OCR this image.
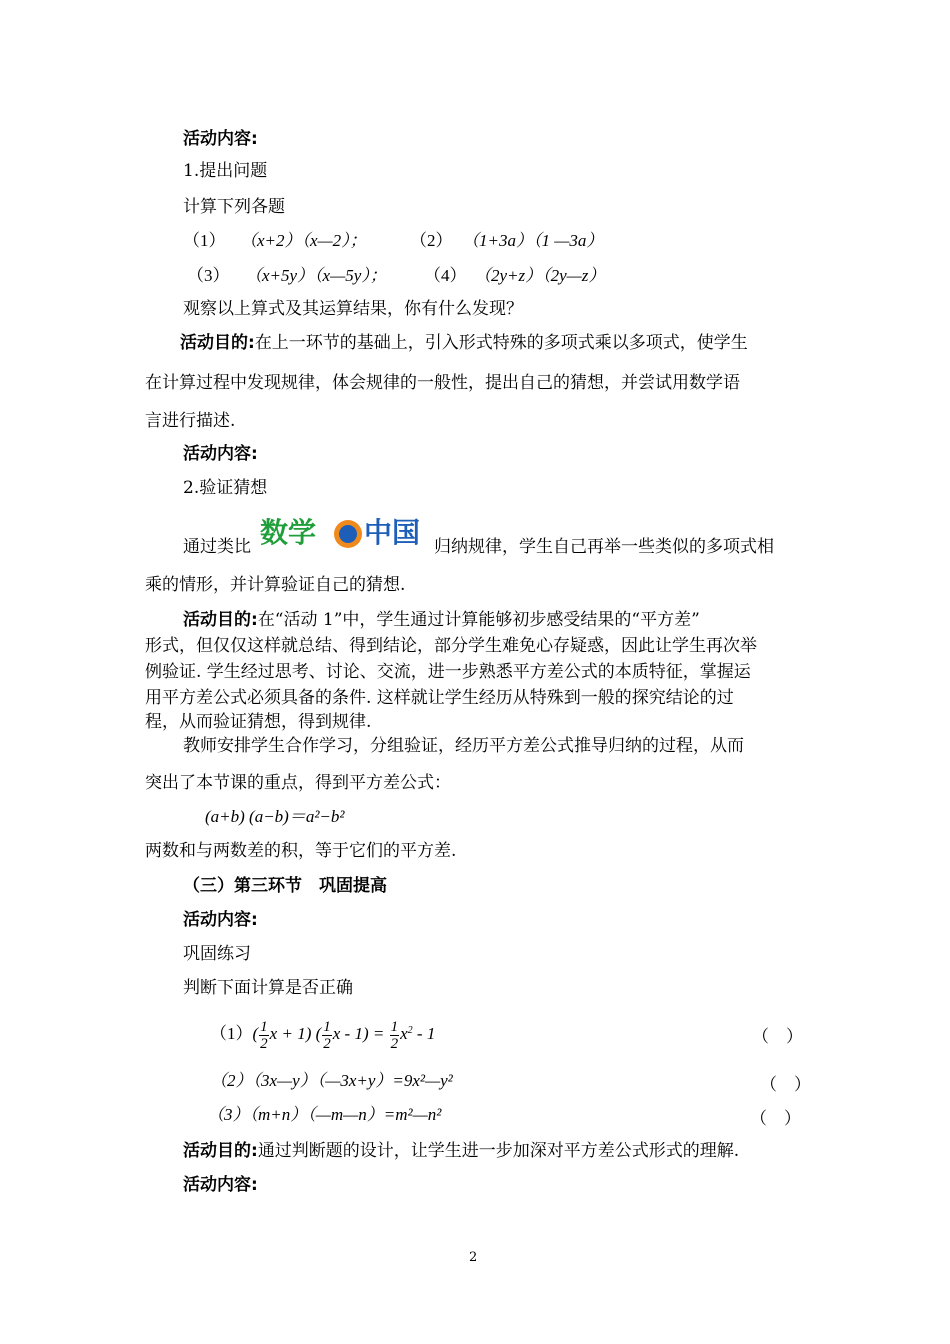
活动内容:
1.提出问题
计算下列各题
（1） （x+2）（x—2）；	（2） （1+3a）（1 —3a）
（3） （x+5y）（x—5y）； （4） （2y+z）（2y—z）
观察以上算式及其运算结果，你有什么发现？
活动目的:在上一环节的基础上，引入形式特殊的多项式乘以多项式，使学生
在计算过程中发现规律，体会规律的一般性，提出自己的猜想，并尝试用数学语
言进行描述.
活动内容:
2.验证猜想
通过类比 数学 中国 归纳规律，学生自己再举一些类似的多项式相
乘的情形，并计算验证自己的猜想.
活动目的:在“活动 1”中，学生通过计算能够初步感受结果的“平方差”
形式，但仅仅这样就总结、得到结论，部分学生难免心存疑惑，因此让学生再次举
例验证. 学生经过思考、讨论、交流，进一步熟悉平方差公式的本质特征，掌握运
用平方差公式必须具备的条件. 这样就让学生经历从特殊到一般的探究结论的过
程，从而验证猜想，得到规律.
教师安排学生合作学习，分组验证，经历平方差公式推导归纳的过程，从而
突出了本节课的重点，得到平方差公式：
(a+b) (a−b)＝a²−b²
两数和与两数差的积，等于它们的平方差.
（三）第三环节　巩固提高
活动内容:
巩固练习
判断下面计算是否正确
$(1)( \frac{1}{2}$ x + 1) ( $\frac{1}{2}$ $x - 1) = \frac{1}{2} x^2 - 1$	（　）
（2）（3x—y）（—3x+y）=9x²—y²	（　）
（3）（m+n）（—m—n）=m²—n²	（　）
活动目的:通过判断题的设计，让学生进一步加深对平方差公式形式的理解.
活动内容:
2
